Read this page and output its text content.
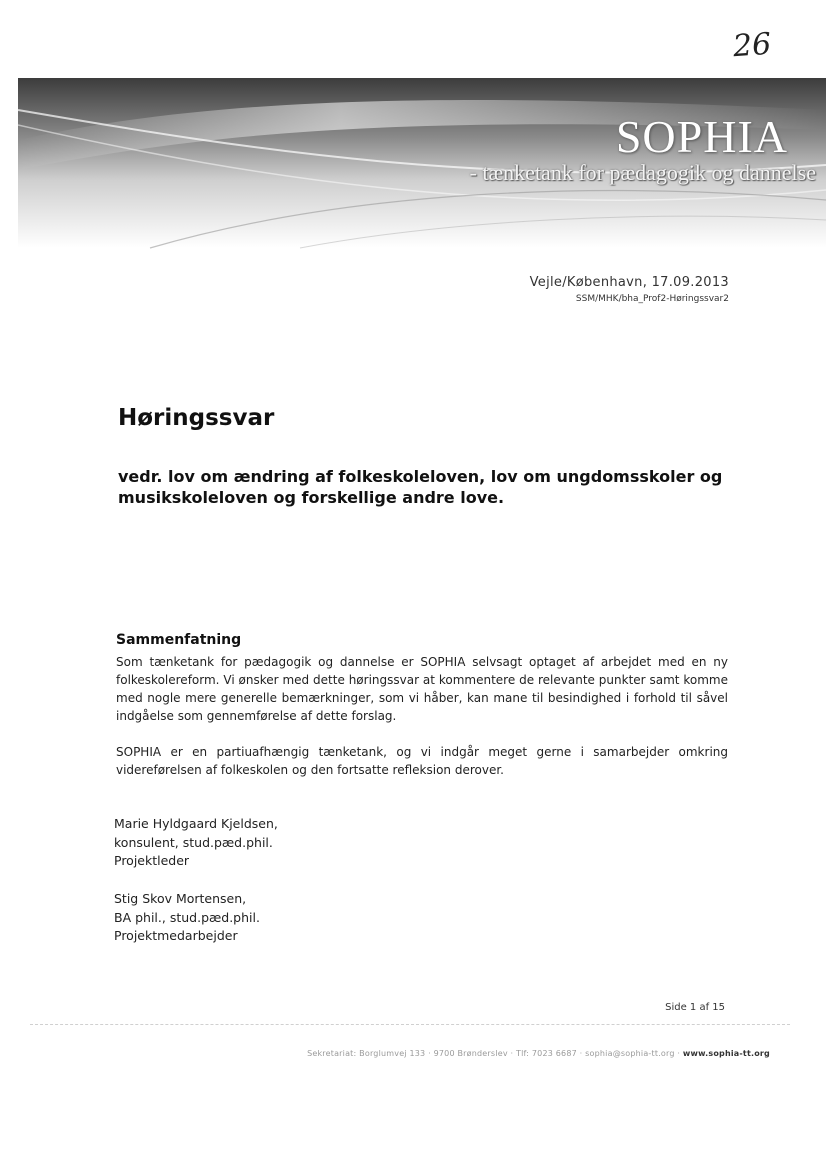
26
SOPHIA
- tænketank for pædagogik og dannelse
Vejle/København, 17.09.2013
SSM/MHK/bha_Prof2-Høringssvar2
Høringssvar
vedr. lov om ændring af folkeskoleloven, lov om ungdomsskoler og musikskoleloven og forskellige andre love.
Sammenfatning
Som tænketank for pædagogik og dannelse er SOPHIA selvsagt optaget af arbejdet med en ny folkeskolereform. Vi ønsker med dette høringssvar at kommentere de relevante punkter samt komme med nogle mere generelle bemærkninger, som vi håber, kan mane til besindighed i forhold til såvel indgåelse som gennemførelse af dette forslag.
SOPHIA er en partiuafhængig tænketank, og vi indgår meget gerne i samarbejder omkring videreførelsen af folkeskolen og den fortsatte refleksion derover.
Marie Hyldgaard Kjeldsen,
konsulent, stud.pæd.phil.
Projektleder
Stig Skov Mortensen,
BA phil., stud.pæd.phil.
Projektmedarbejder
Side 1 af 15
Sekretariat: Borglumvej 133 · 9700 Brønderslev · Tlf: 7023 6687 · sophia@sophia-tt.org · www.sophia-tt.org
